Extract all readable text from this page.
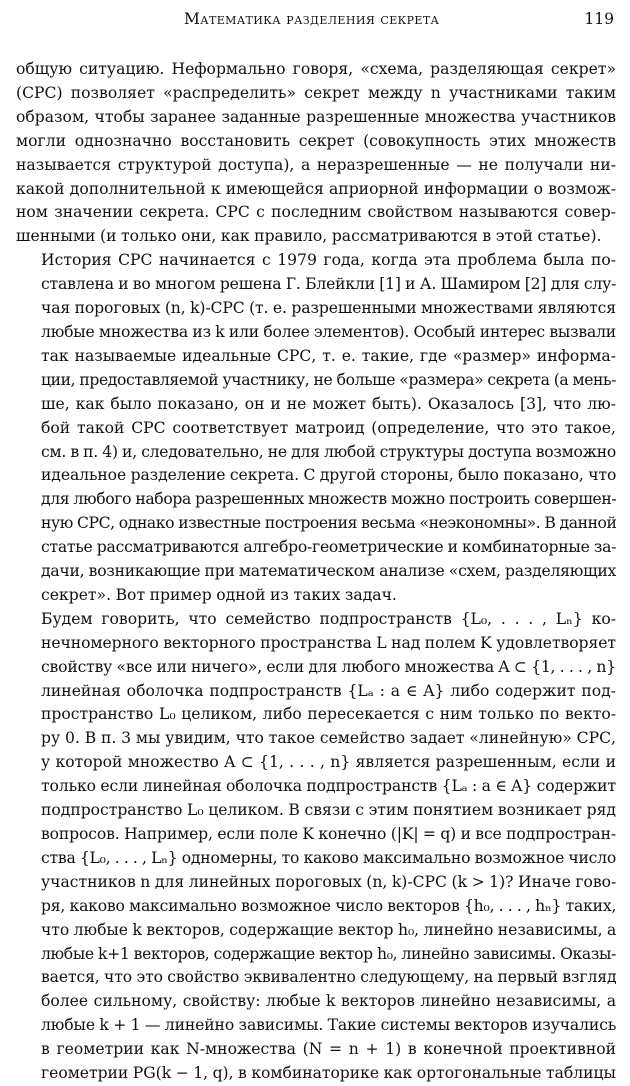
Математика разделения секрета	119
общую ситуацию. Неформально говоря, «схема, разделяющая секрет»
(СРС) позволяет «распределить» секрет между n участниками таким
образом, чтобы заранее заданные разрешенные множества участников
могли однозначно восстановить секрет (совокупность этих множеств
называется структурой доступа), а неразрешенные — не получали ни-
какой дополнительной к имеющейся априорной информации о возмож-
ном значении секрета. СРС с последним свойством называются совер-
шенными (и только они, как правило, рассматриваются в этой статье).
История СРС начинается с 1979 года, когда эта проблема была по-
ставлена и во многом решена Г. Блейкли [1] и А. Шамиром [2] для слу-
чая пороговых (n, k)-СРС (т. е. разрешенными множествами являются
любые множества из k или более элементов). Особый интерес вызвали
так называемые идеальные СРС, т. е. такие, где «размер» информа-
ции, предоставляемой участнику, не больше «размера» секрета (а мень-
ше, как было показано, он и не может быть). Оказалось [3], что лю-
бой такой СРС соответствует матроид (определение, что это такое,
см. в п. 4) и, следовательно, не для любой структуры доступа возможно
идеальное разделение секрета. С другой стороны, было показано, что
для любого набора разрешенных множеств можно построить совершен-
ную СРС, однако известные построения весьма «неэкономны». В данной
статье рассматриваются алгебро-геометрические и комбинаторные за-
дачи, возникающие при математическом анализе «схем, разделяющих
секрет». Вот пример одной из таких задач.
Будем говорить, что семейство подпространств {L₀, . . . , Lₙ} ко-
нечномерного векторного пространства L над полем K удовлетворяет
свойству «все или ничего», если для любого множества A ⊂ {1, . . . , n}
линейная оболочка подпространств {Lₐ : a ∈ A} либо содержит под-
пространство L₀ целиком, либо пересекается с ним только по векто-
ру 0. В п. 3 мы увидим, что такое семейство задает «линейную» СРС,
у которой множество A ⊂ {1, . . . , n} является разрешенным, если и
только если линейная оболочка подпространств {Lₐ : a ∈ A} содержит
подпространство L₀ целиком. В связи с этим понятием возникает ряд
вопросов. Например, если поле K конечно (|K| = q) и все подпростран-
ства {L₀, . . . , Lₙ} одномерны, то каково максимально возможное число
участников n для линейных пороговых (n, k)-СРС (k > 1)? Иначе гово-
ря, каково максимально возможное число векторов {h₀, . . . , hₙ} таких,
что любые k векторов, содержащие вектор h₀, линейно независимы, а
любые k+1 векторов, содержащие вектор h₀, линейно зависимы. Оказы-
вается, что это свойство эквивалентно следующему, на первый взгляд
более сильному, свойству: любые k векторов линейно независимы, а
любые k + 1 — линейно зависимы. Такие системы векторов изучались
в геометрии как N-множества (N = n + 1) в конечной проективной
геометрии PG(k − 1, q), в комбинаторике как ортогональные таблицы
